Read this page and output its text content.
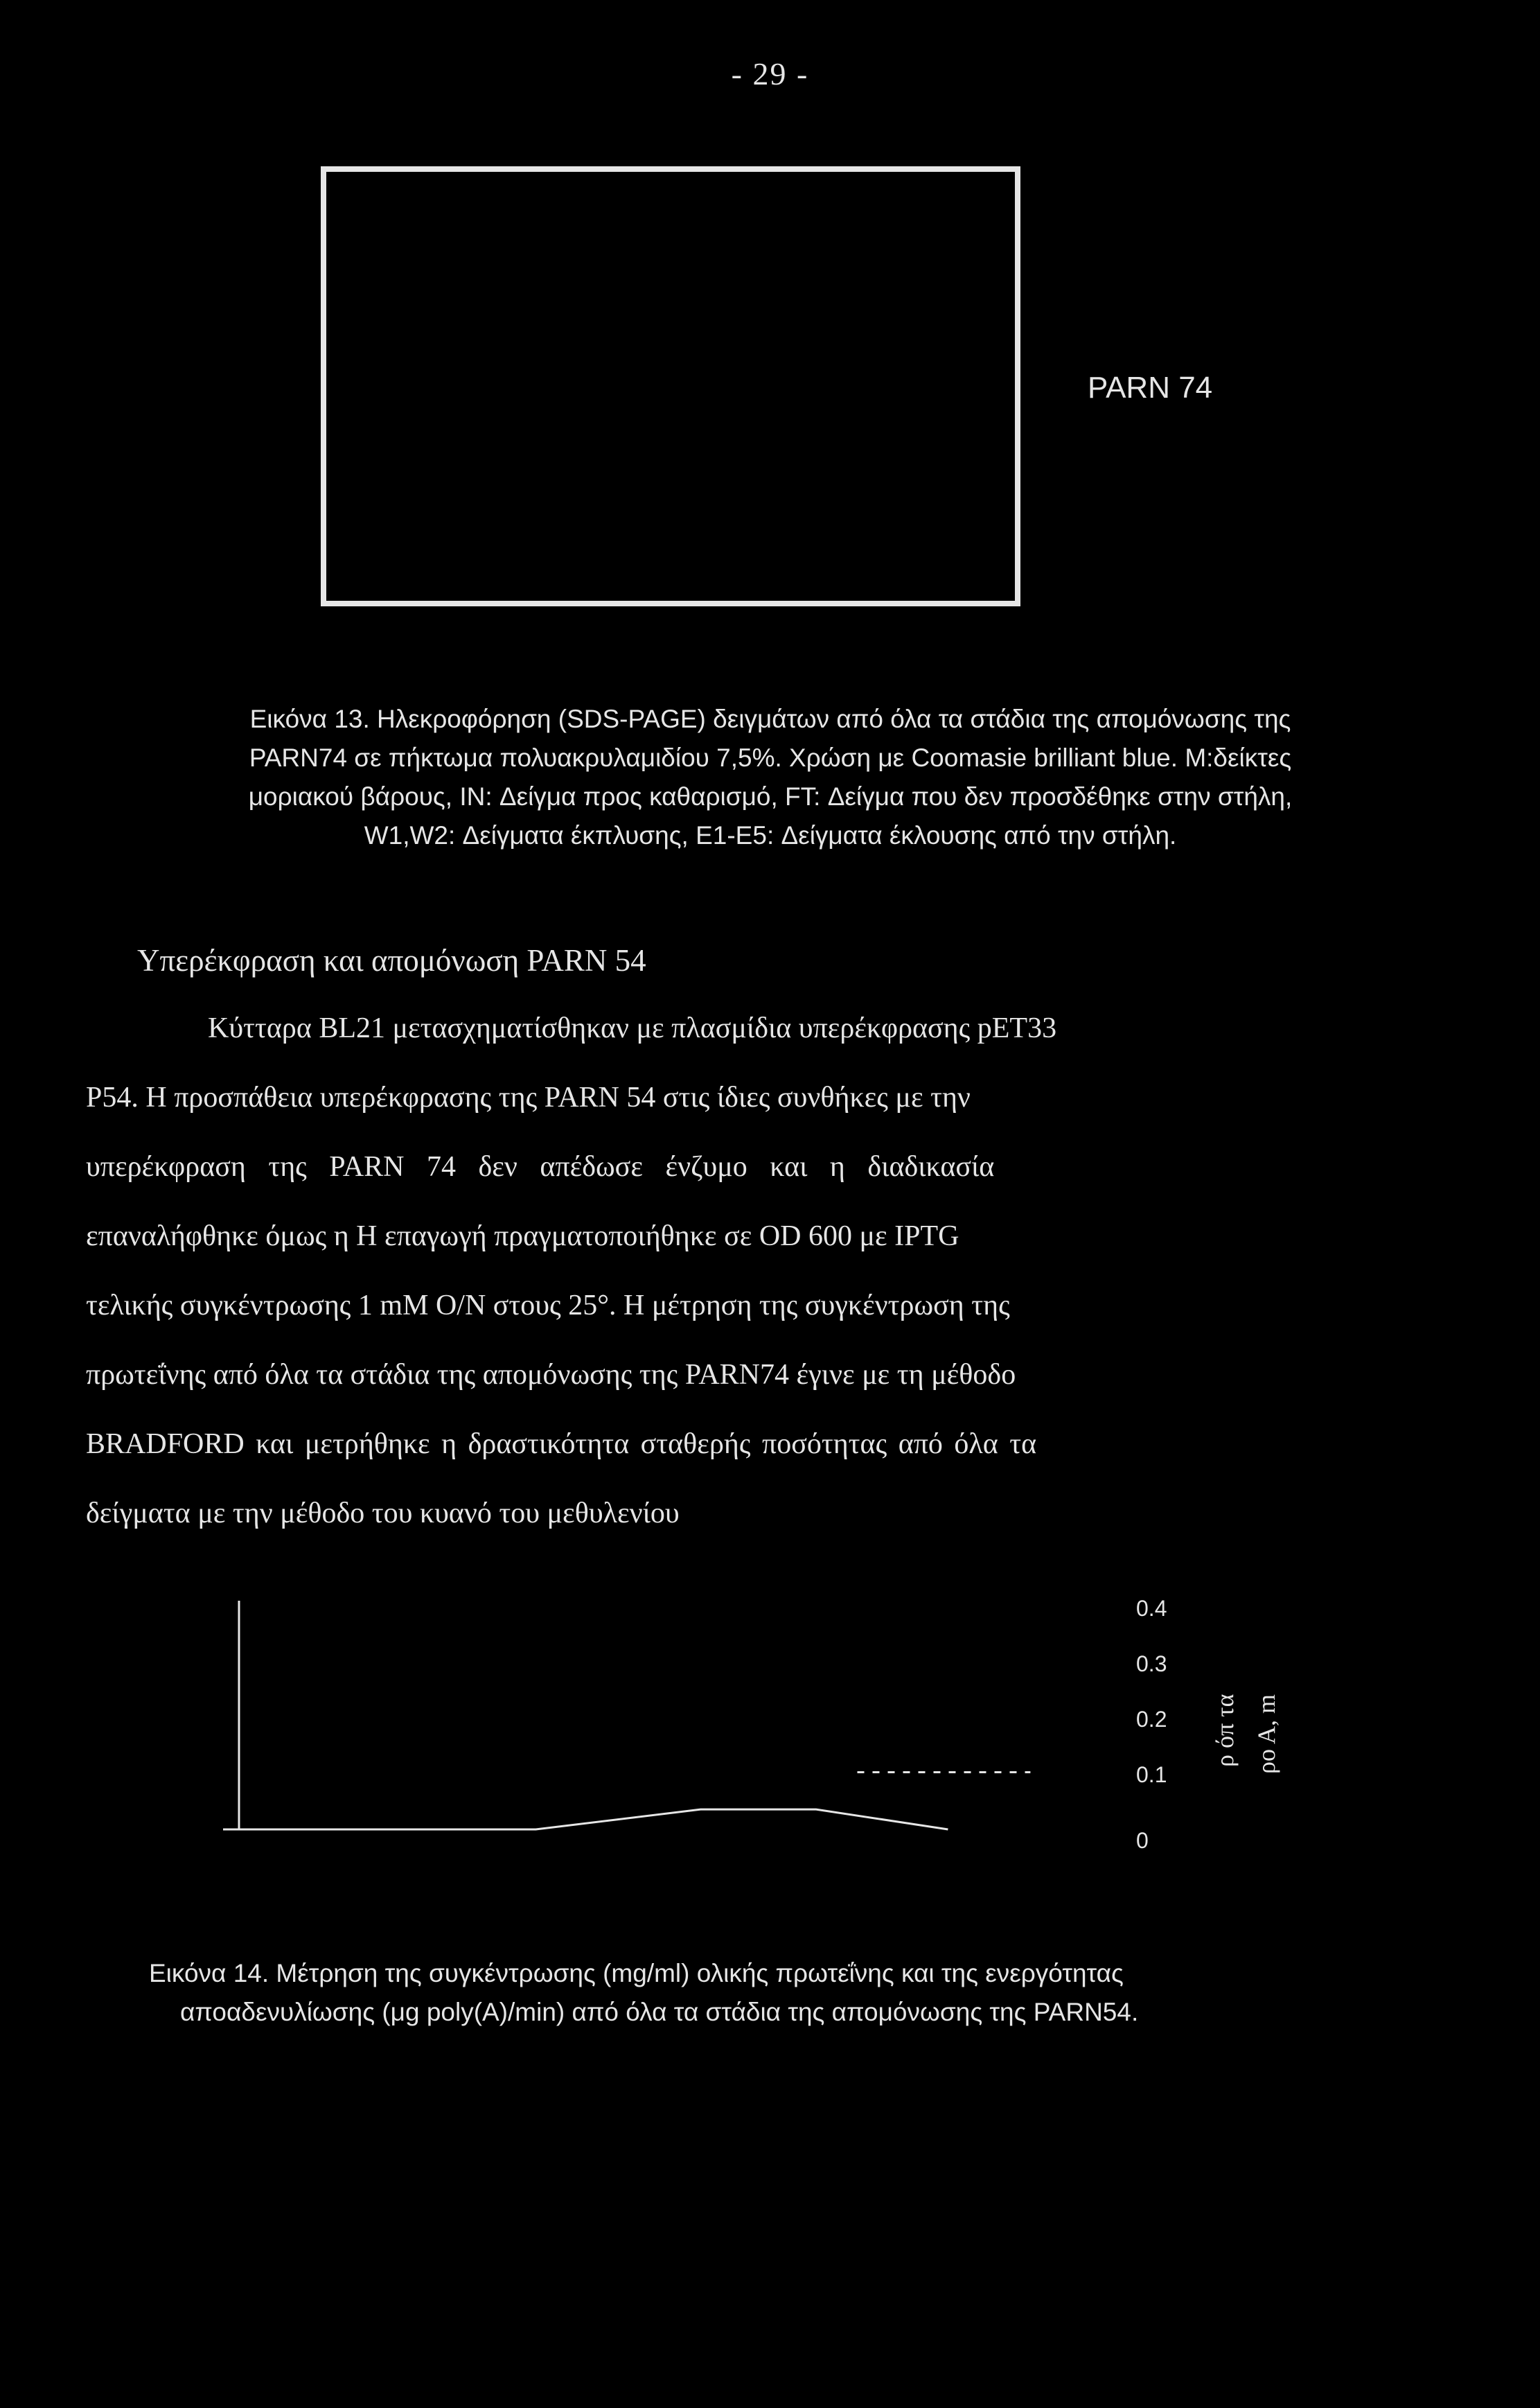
- 29 -
PARN 74
Εικόνα 13. Ηλεκροφόρηση (SDS-PAGE) δειγμάτων από όλα τα στάδια της απομόνωσης της
PARN74 σε πήκτωμα πολυακρυλαμιδίου 7,5%. Χρώση με Coomasie brilliant blue. M:δείκτες
μοριακού βάρους, IN: Δείγμα προς καθαρισμό, FT: Δείγμα που δεν προσδέθηκε στην στήλη,
W1,W2: Δείγματα έκπλυσης, E1-E5: Δείγματα έκλουσης από την στήλη.
Υπερέκφραση και απομόνωση PARN 54
Κύτταρα BL21 μετασχηματίσθηκαν με πλασμίδια υπερέκφρασης pET33
P54. Η προσπάθεια υπερέκφρασης της PARN 54 στις ίδιες συνθήκες με την
υπερέκφραση της PARN 74 δεν απέδωσε ένζυμο και η διαδικασία
επαναλήφθηκε όμως η Η επαγωγή πραγματοποιήθηκε σε OD 600 με IPTG
τελικής συγκέντρωσης 1 mM O/N στους 25°. Η μέτρηση της συγκέντρωση της
πρωτεΐνης από όλα τα στάδια της απομόνωσης της PARN74 έγινε με τη μέθοδο
BRADFORD και μετρήθηκε η δραστικότητα σταθερής ποσότητας από όλα τα
δείγματα με την μέθοδο του κυανό του μεθυλενίου
0.4
0.3
0.2
0.1
0
ρ όπ τα ρο Α, m
Εικόνα 14. Μέτρηση της συγκέντρωσης (mg/ml) ολικής πρωτεΐνης και της ενεργότητας
αποαδενυλίωσης (μg poly(A)/min) από όλα τα στάδια της απομόνωσης της PARN54.
